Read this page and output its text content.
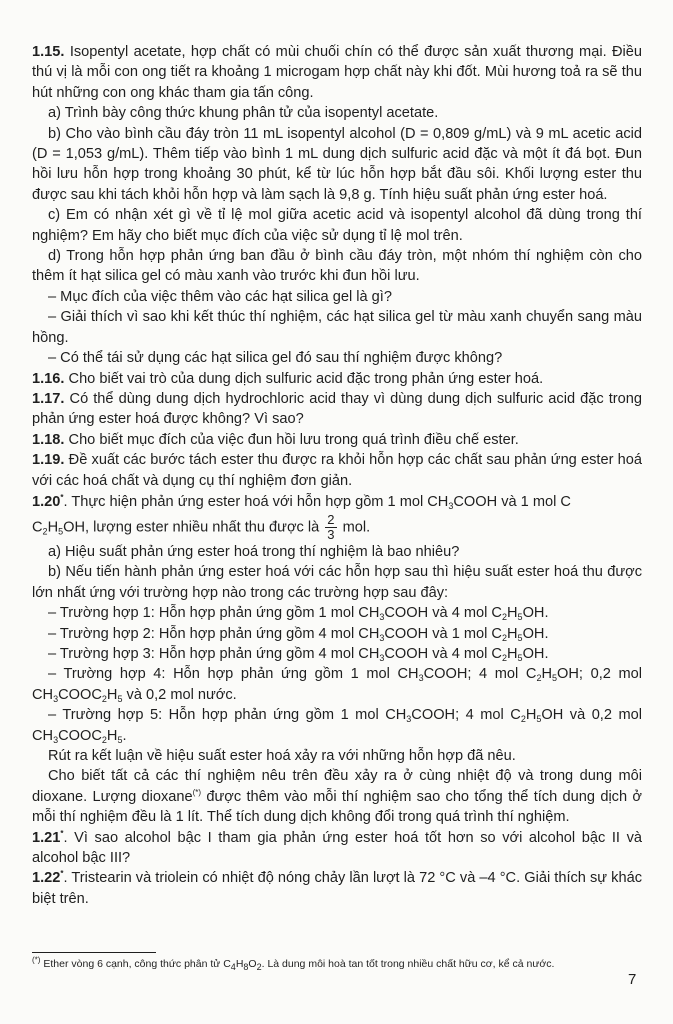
1.15. Isopentyl acetate, hợp chất có mùi chuối chín có thể được sản xuất thương mại. Điều thú vị là mỗi con ong tiết ra khoảng 1 microgam hợp chất này khi đốt. Mùi hương toả ra sẽ thu hút những con ong khác tham gia tấn công.

a) Trình bày công thức khung phân tử của isopentyl acetate.

b) Cho vào bình cầu đáy tròn 11 mL isopentyl alcohol (D = 0,809 g/mL) và 9 mL acetic acid (D = 1,053 g/mL). Thêm tiếp vào bình 1 mL dung dịch sulfuric acid đặc và một ít đá bọt. Đun hồi lưu hỗn hợp trong khoảng 30 phút, kể từ lúc hỗn hợp bắt đầu sôi. Khối lượng ester thu được sau khi tách khỏi hỗn hợp và làm sạch là 9,8 g. Tính hiệu suất phản ứng ester hoá.

c) Em có nhận xét gì về tỉ lệ mol giữa acetic acid và isopentyl alcohol đã dùng trong thí nghiệm? Em hãy cho biết mục đích của việc sử dụng tỉ lệ mol trên.

d) Trong hỗn hợp phản ứng ban đầu ở bình cầu đáy tròn, một nhóm thí nghiệm còn cho thêm ít hạt silica gel có màu xanh vào trước khi đun hồi lưu.

– Mục đích của việc thêm vào các hạt silica gel là gì?

– Giải thích vì sao khi kết thúc thí nghiệm, các hạt silica gel từ màu xanh chuyển sang màu hồng.

– Có thể tái sử dụng các hạt silica gel đó sau thí nghiệm được không?

1.16. Cho biết vai trò của dung dịch sulfuric acid đặc trong phản ứng ester hoá.

1.17. Có thể dùng dung dịch hydrochloric acid thay vì dùng dung dịch sulfuric acid đặc trong phản ứng ester hoá được không? Vì sao?

1.18. Cho biết mục đích của việc đun hồi lưu trong quá trình điều chế ester.

1.19. Đề xuất các bước tách ester thu được ra khỏi hỗn hợp các chất sau phản ứng ester hoá với các hoá chất và dụng cụ thí nghiệm đơn giản.

1.20*. Thực hiện phản ứng ester hoá với hỗn hợp gồm 1 mol $CH_3COOH$ và 1 mol C

$C_2H_5OH$, lượng ester nhiều nhất thu được là $\frac{2}{3}$ mol.

a) Hiệu suất phản ứng ester hoá trong thí nghiệm là bao nhiêu?

b) Nếu tiến hành phản ứng ester hoá với các hỗn hợp sau thì hiệu suất ester hoá thu được lớn nhất ứng với trường hợp nào trong các trường hợp sau đây:

– Trường hợp 1: Hỗn hợp phản ứng gồm 1 mol $CH_3COOH$ và 4 mol $C_2H_5OH$.

– Trường hợp 2: Hỗn hợp phản ứng gồm 4 mol $CH_3COOH$ và 1 mol $C_2H_5OH$.

– Trường hợp 3: Hỗn hợp phản ứng gồm 4 mol $CH_3COOH$ và 4 mol $C_2H_5OH$.

– Trường hợp 4: Hỗn hợp phản ứng gồm 1 mol $CH_3COOH$; 4 mol $C_2H_5OH$; 0,2 mol $CH_3COOC_2H_5$ và 0,2 mol nước.

– Trường hợp 5: Hỗn hợp phản ứng gồm 1 mol $CH_3COOH$; 4 mol $C_2H_5OH$ và 0,2 mol $CH_3COOC_2H_5$.

Rút ra kết luận về hiệu suất ester hoá xảy ra với những hỗn hợp đã nêu.

Cho biết tất cả các thí nghiệm nêu trên đều xảy ra ở cùng nhiệt độ và trong dung môi dioxane. Lượng dioxane(*) được thêm vào mỗi thí nghiệm sao cho tổng thể tích dung dịch ở mỗi thí nghiệm đều là 1 lít. Thể tích dung dịch không đổi trong quá trình thí nghiệm.

1.21*. Vì sao alcohol bậc I tham gia phản ứng ester hoá tốt hơn so với alcohol bậc II và alcohol bậc III?

1.22*. Tristearin và triolein có nhiệt độ nóng chảy lần lượt là 72 °C và –4 °C. Giải thích sự khác biệt trên.

(*) Ether vòng 6 cạnh, công thức phân tử $C_4H_8O_2$. Là dung môi hoà tan tốt trong nhiều chất hữu cơ, kể cả nước.
7
